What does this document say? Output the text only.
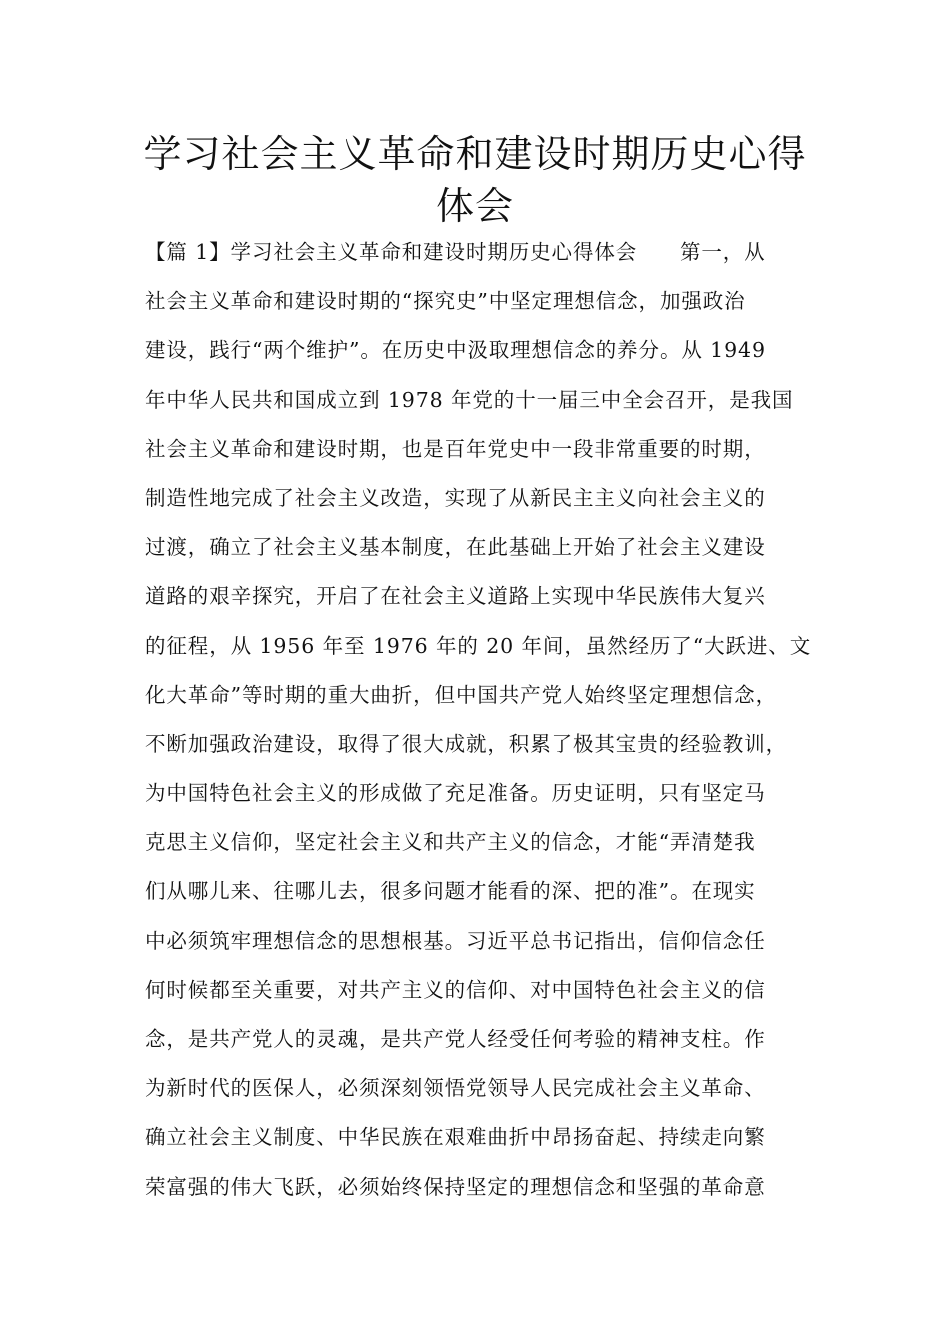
学习社会主义革命和建设时期历史心得
体会
【篇 1】学习社会主义革命和建设时期历史心得体会　　第一，从
社会主义革命和建设时期的“探究史”中坚定理想信念，加强政治
建设，践行“两个维护”。在历史中汲取理想信念的养分。从 1949
年中华人民共和国成立到 1978 年党的十一届三中全会召开，是我国
社会主义革命和建设时期，也是百年党史中一段非常重要的时期，
制造性地完成了社会主义改造，实现了从新民主主义向社会主义的
过渡，确立了社会主义基本制度，在此基础上开始了社会主义建设
道路的艰辛探究，开启了在社会主义道路上实现中华民族伟大复兴
的征程，从 1956 年至 1976 年的 20 年间，虽然经历了“大跃进、文
化大革命”等时期的重大曲折，但中国共产党人始终坚定理想信念，
不断加强政治建设，取得了很大成就，积累了极其宝贵的经验教训，
为中国特色社会主义的形成做了充足准备。历史证明，只有坚定马
克思主义信仰，坚定社会主义和共产主义的信念，才能“弄清楚我
们从哪儿来、往哪儿去，很多问题才能看的深、把的准”。在现实
中必须筑牢理想信念的思想根基。习近平总书记指出，信仰信念任
何时候都至关重要，对共产主义的信仰、对中国特色社会主义的信
念，是共产党人的灵魂，是共产党人经受任何考验的精神支柱。作
为新时代的医保人，必须深刻领悟党领导人民完成社会主义革命、
确立社会主义制度、中华民族在艰难曲折中昂扬奋起、持续走向繁
荣富强的伟大飞跃，必须始终保持坚定的理想信念和坚强的革命意
